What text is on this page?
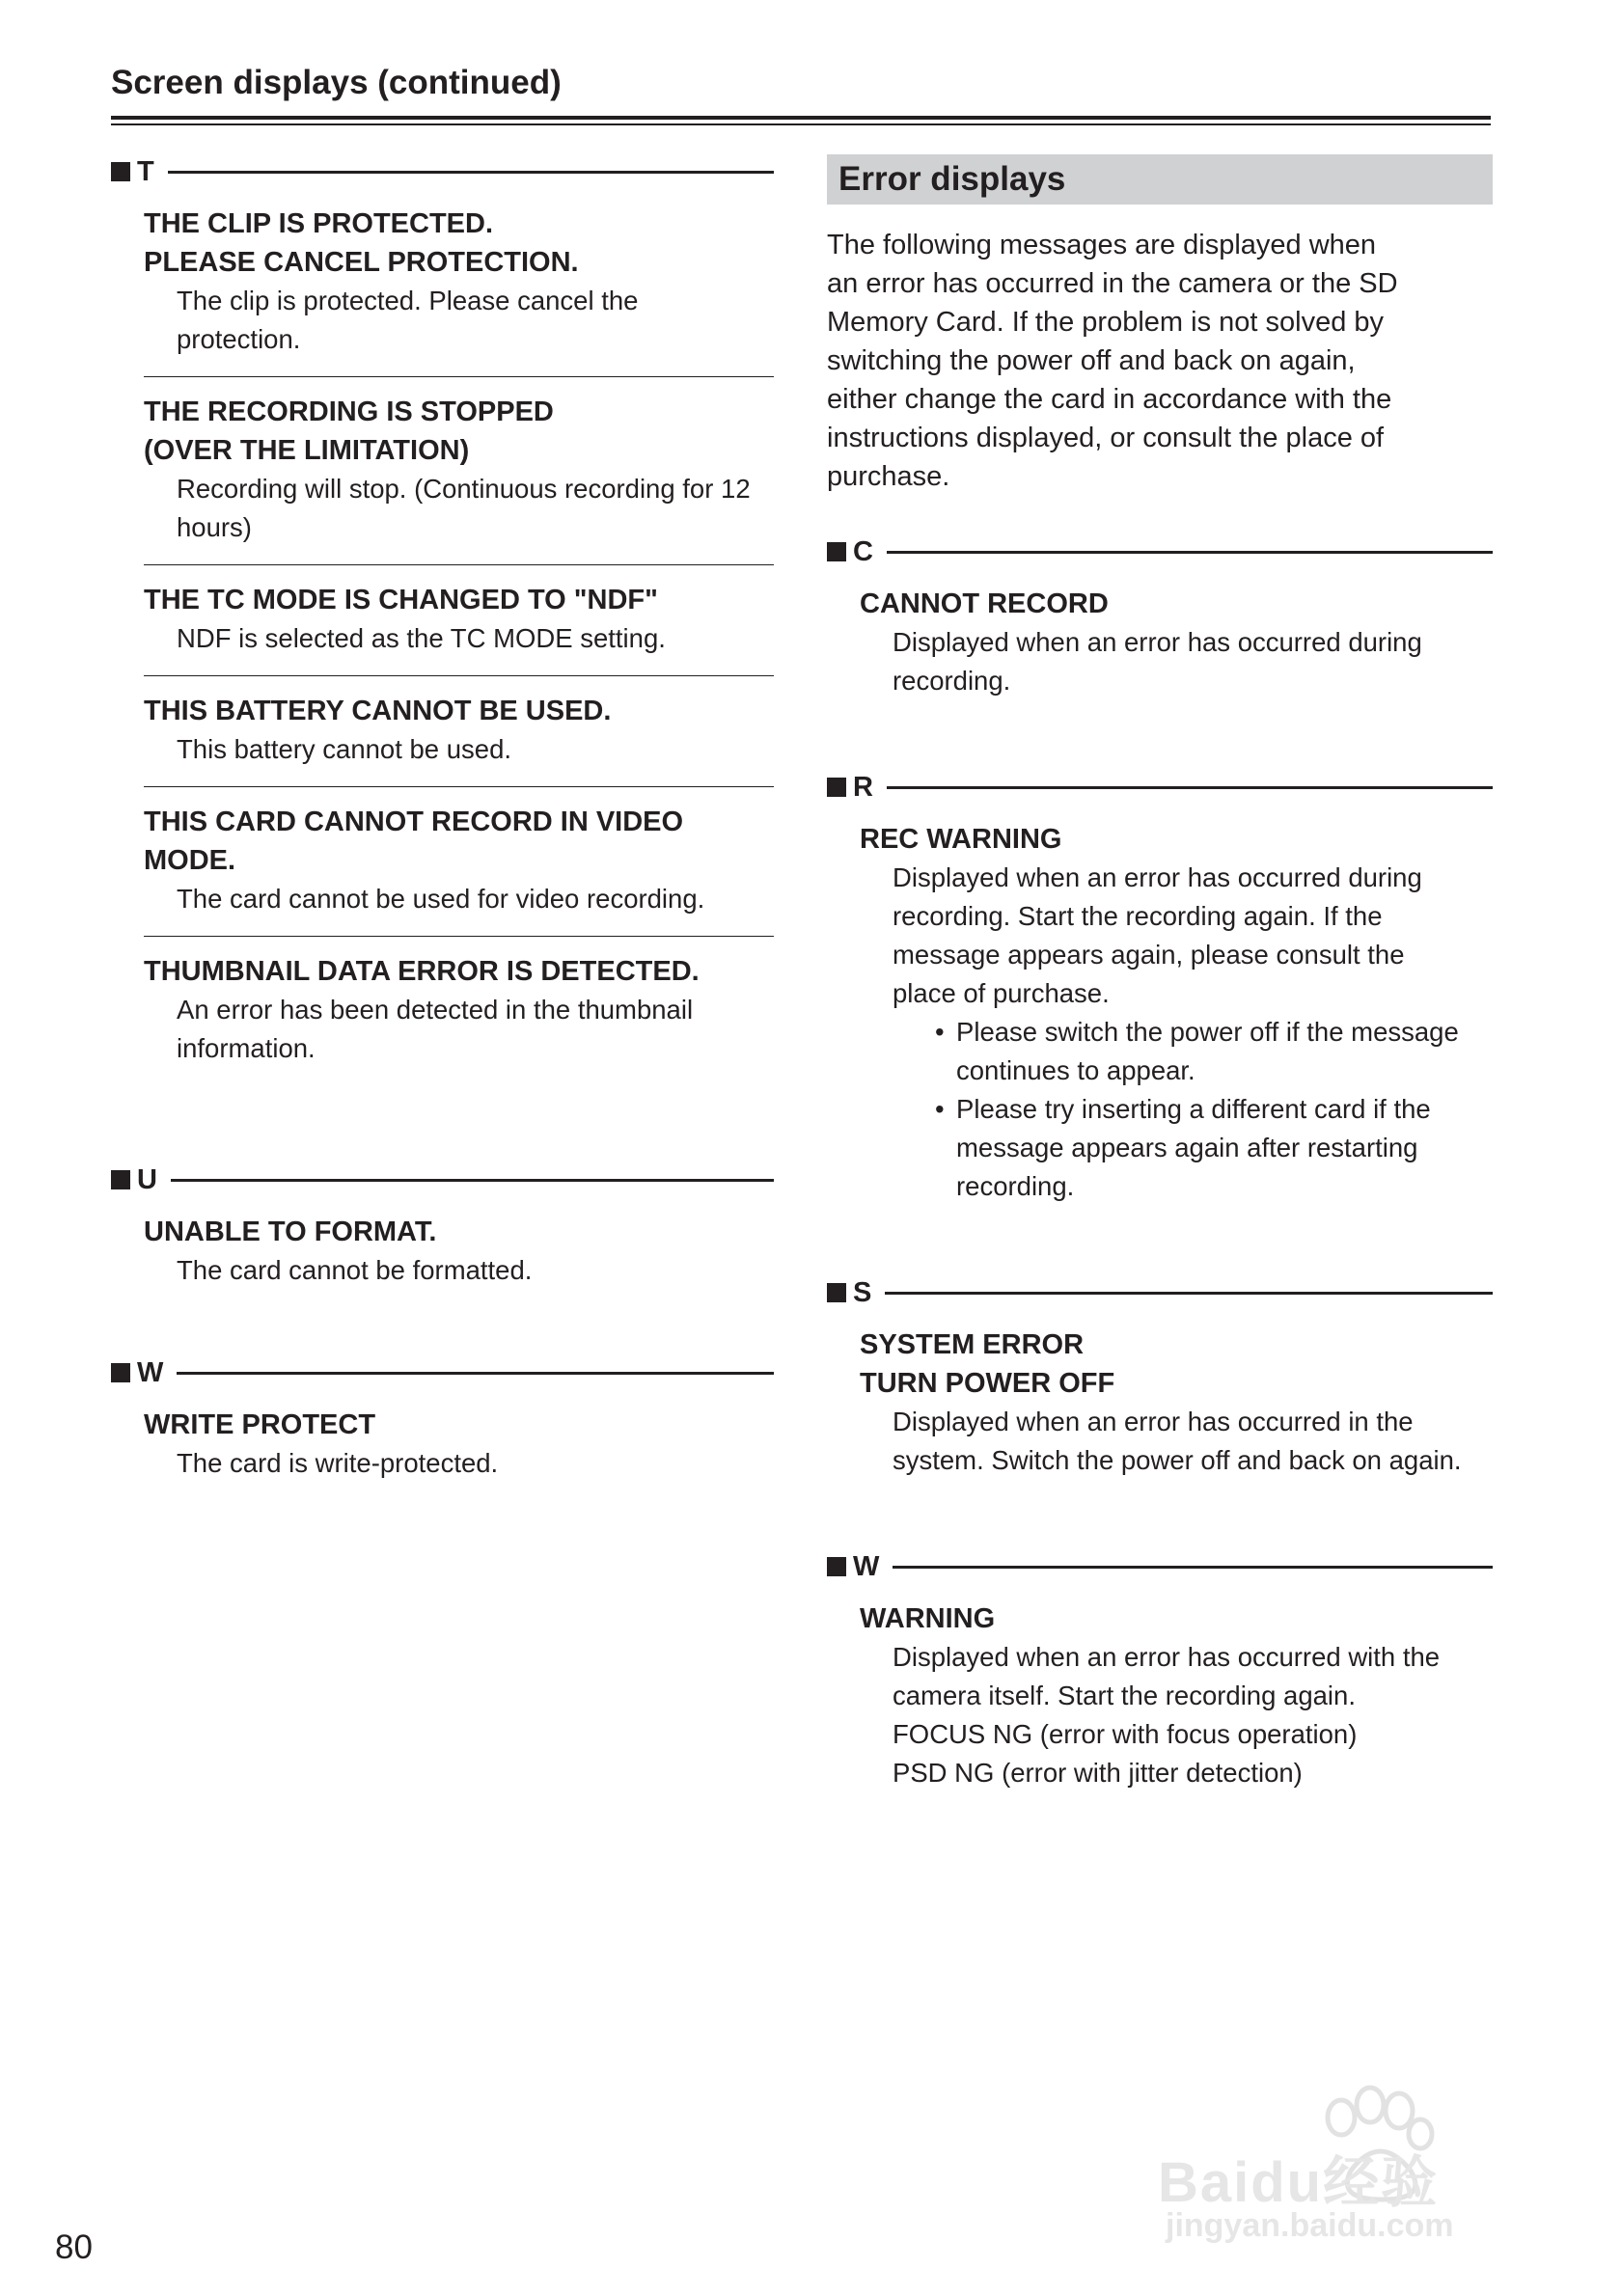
Screen displays (continued)
T
THE CLIP IS PROTECTED.
PLEASE CANCEL PROTECTION.
The clip is protected. Please cancel the
protection.
THE RECORDING IS STOPPED
(OVER THE LIMITATION)
Recording will stop. (Continuous recording for 12
hours)
THE TC MODE IS CHANGED TO "NDF"
NDF is selected as the TC MODE setting.
THIS BATTERY CANNOT BE USED.
This battery cannot be used.
THIS CARD CANNOT RECORD IN VIDEO
MODE.
The card cannot be used for video recording.
THUMBNAIL DATA ERROR IS DETECTED.
An error has been detected in the thumbnail
information.
U
UNABLE TO FORMAT.
The card cannot be formatted.
W
WRITE PROTECT
The card is write-protected.
Error displays
The following messages are displayed when
an error has occurred in the camera or the SD
Memory Card. If the problem is not solved by
switching the power off and back on again,
either change the card in accordance with the
instructions displayed, or consult the place of
purchase.
C
CANNOT RECORD
Displayed when an error has occurred during
recording.
R
REC WARNING
Displayed when an error has occurred during
recording. Start the recording again. If the
message appears again, please consult the
place of purchase.
• Please switch the power off if the message
continues to appear.
• Please try inserting a different card if the
message appears again after restarting
recording.
S
SYSTEM ERROR
TURN POWER OFF
Displayed when an error has occurred in the
system. Switch the power off and back on again.
W
WARNING
Displayed when an error has occurred with the
camera itself. Start the recording again.
FOCUS NG (error with focus operation)
PSD NG (error with jitter detection)
Baidu经验
jingyan.baidu.com
80
